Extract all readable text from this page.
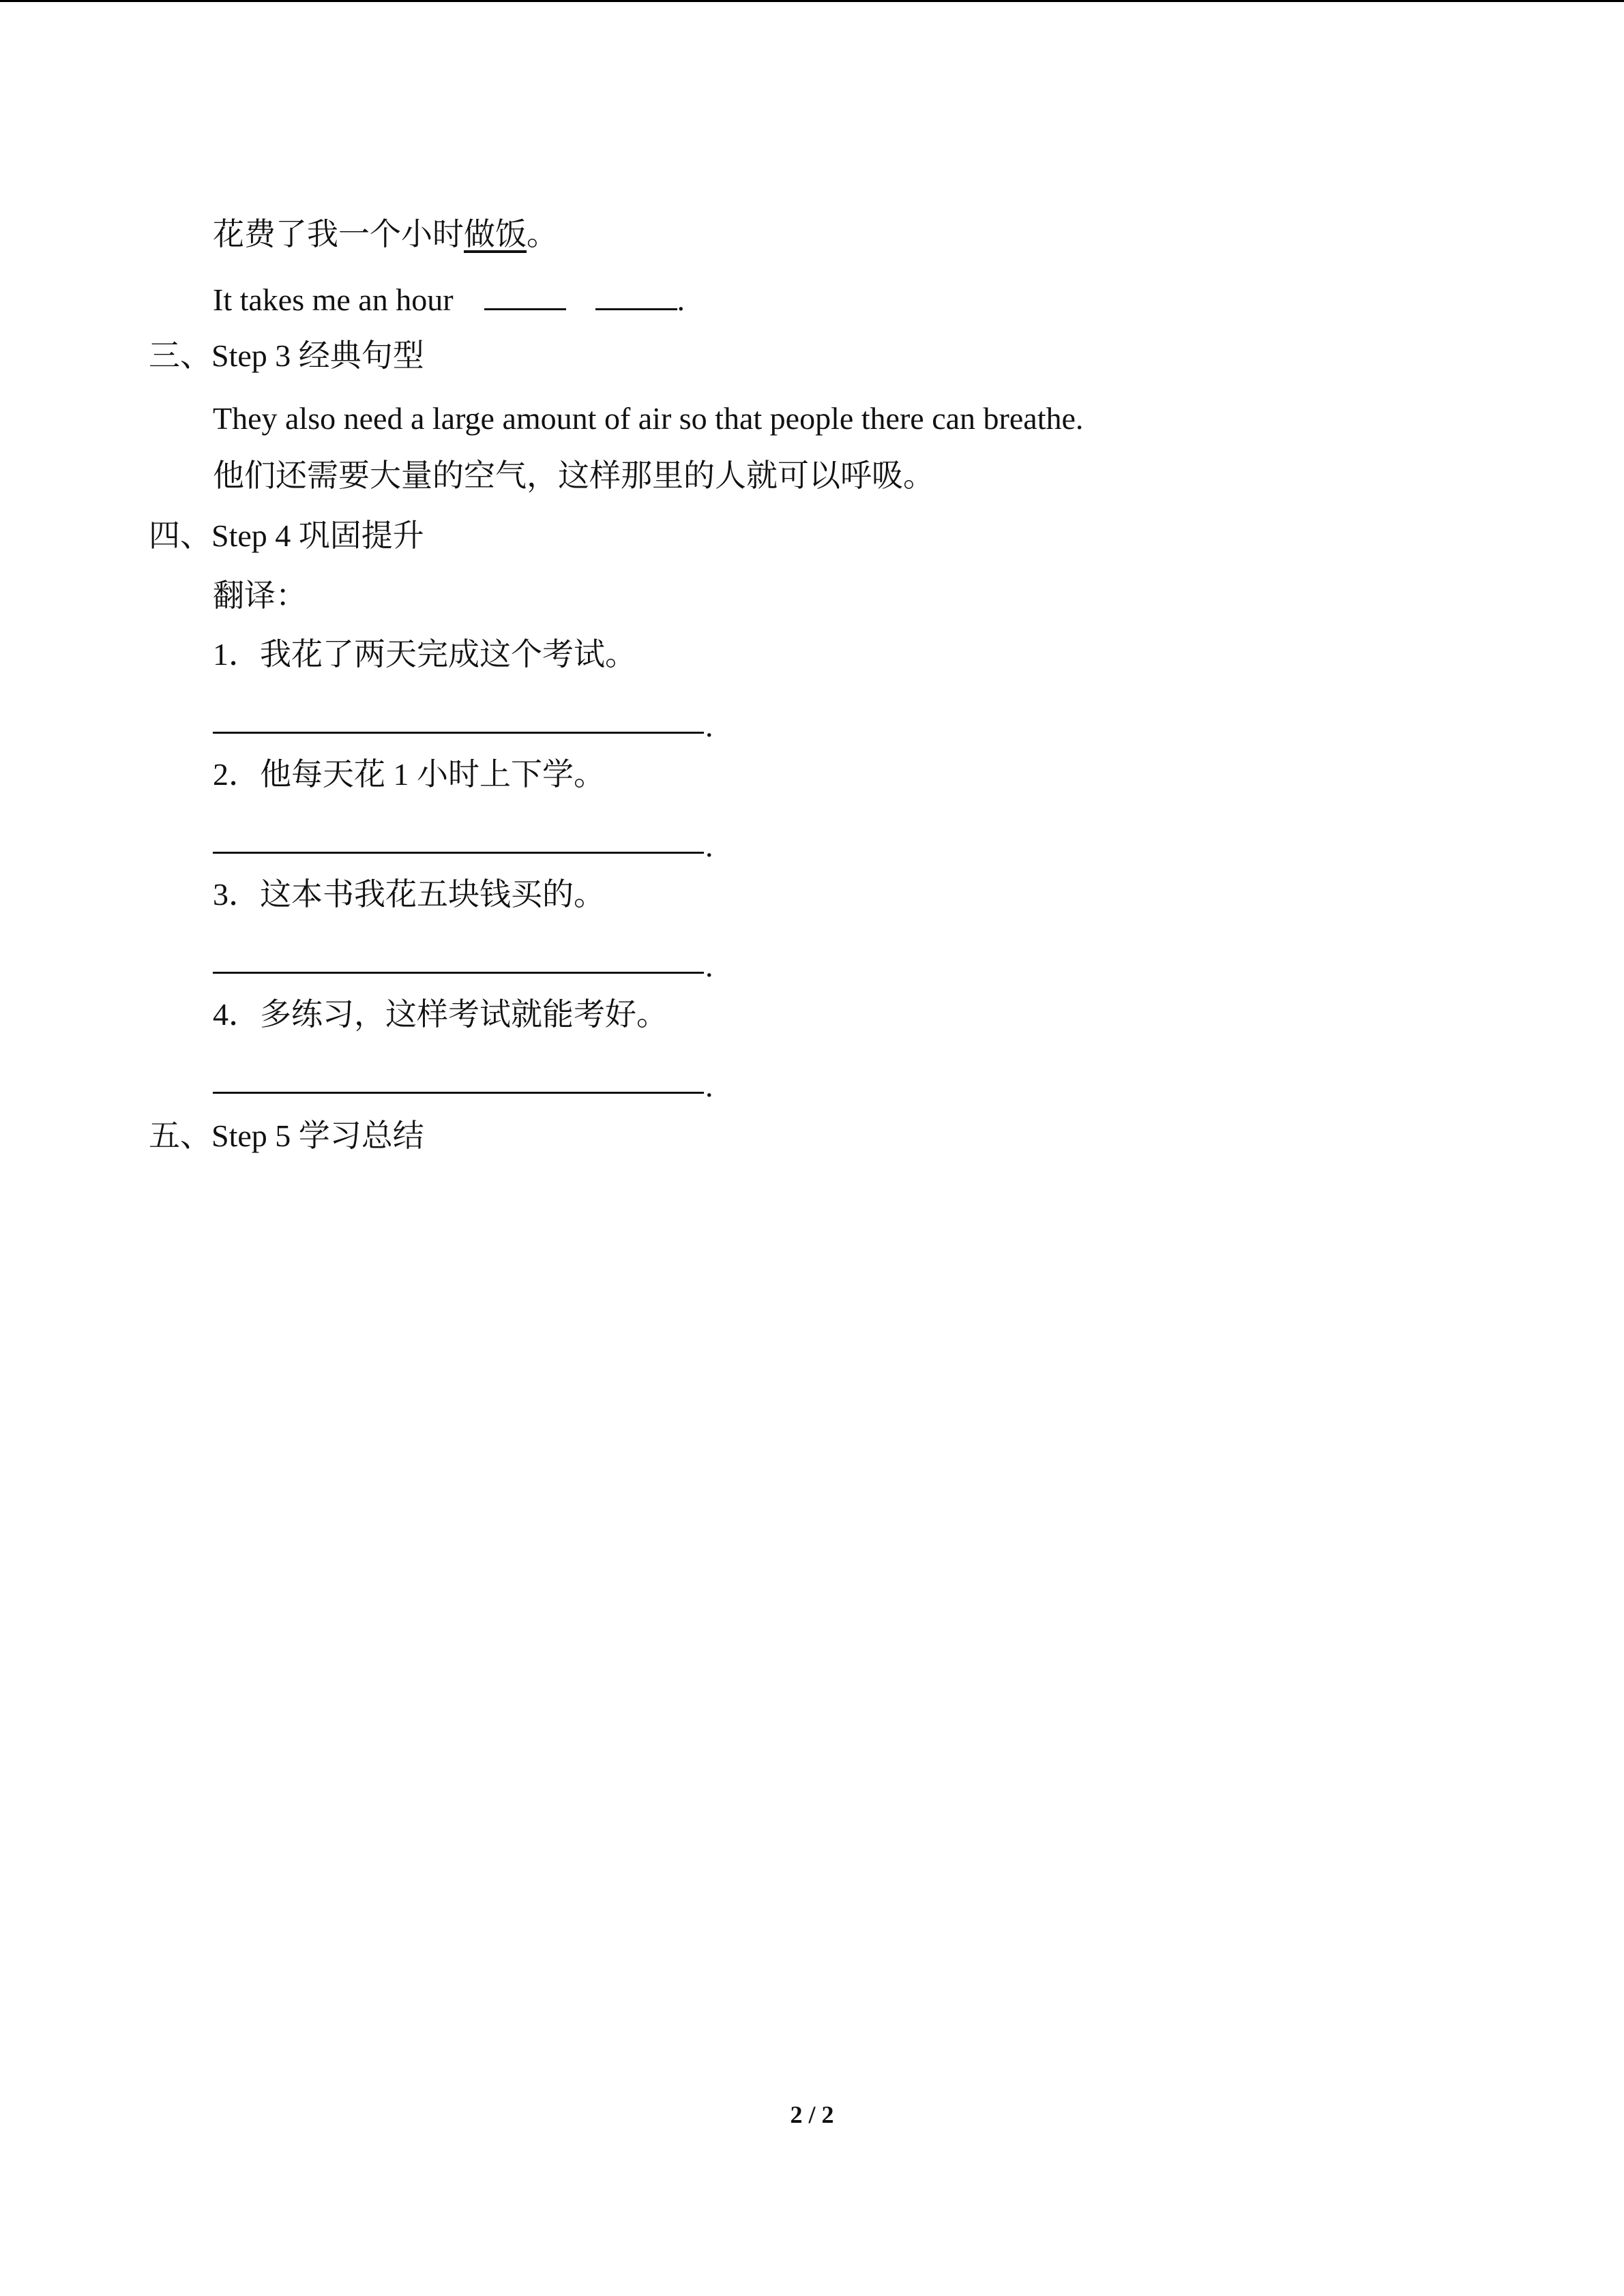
花费了我一个小时做饭。
It takes me an hour	.
三、Step 3 经典句型
They also need a large amount of air so that people there can breathe.
他们还需要大量的空气，这样那里的人就可以呼吸。
四、Step 4 巩固提升
翻译：
1．我花了两天完成这个考试。
.
2．他每天花 1 小时上下学。
.
3．这本书我花五块钱买的。
.
4．多练习，这样考试就能考好。
.
五、Step 5 学习总结
2 / 2
